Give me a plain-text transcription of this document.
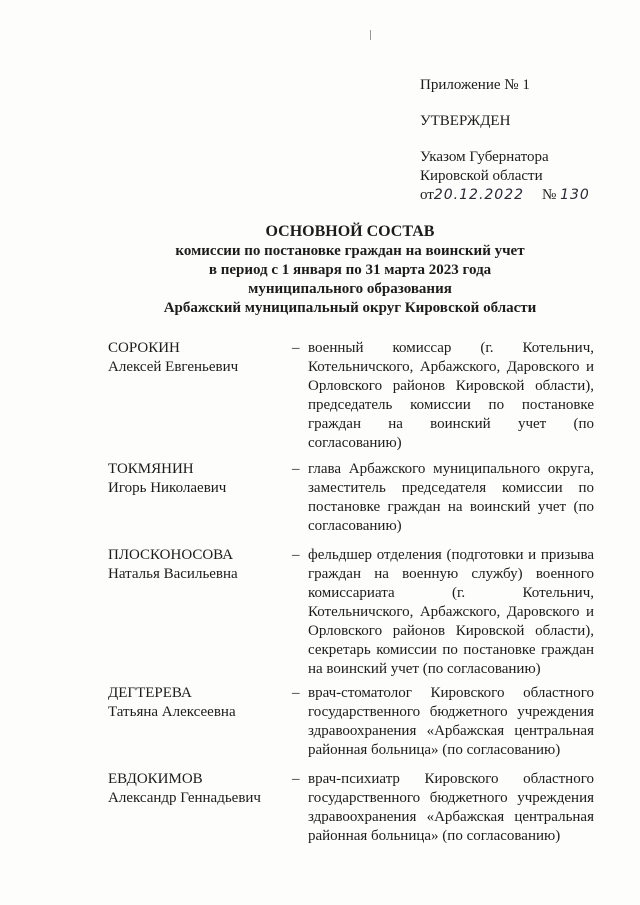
Приложение № 1
УТВЕРЖДЕН
Указом Губернатора
Кировской области
от20.12.2022 № 130
ОСНОВНОЙ СОСТАВ
комиссии по постановке граждан на воинский учет
в период с 1 января по 31 марта 2023 года
муниципального образования
Арбажский муниципальный округ Кировской области
СОРОКИН
Алексей Евгеньевич
– военный комиссар (г. Котельнич, Котельничского, Арбажского, Даровского и Орловского районов Кировской области), председатель комиссии по постановке граждан на воинский учет (по согласованию)
ТОКМЯНИН
Игорь Николаевич
– глава Арбажского муниципального округа, заместитель председателя комиссии по постановке граждан на воинский учет (по согласованию)
ПЛОСКОНОСОВА
Наталья Васильевна
– фельдшер отделения (подготовки и призыва граждан на военную службу) военного комиссариата (г. Котельнич, Котельничского, Арбажского, Даровского и Орловского районов Кировской области), секретарь комиссии по постановке граждан на воинский учет (по согласованию)
ДЕГТЕРЕВА
Татьяна Алексеевна
– врач-стоматолог Кировского областного государственного бюджетного учреждения здравоохранения «Арбажская центральная районная больница» (по согласованию)
ЕВДОКИМОВ
Александр Геннадьевич
– врач-психиатр Кировского областного государственного бюджетного учреждения здравоохранения «Арбажская центральная районная больница» (по согласованию)
